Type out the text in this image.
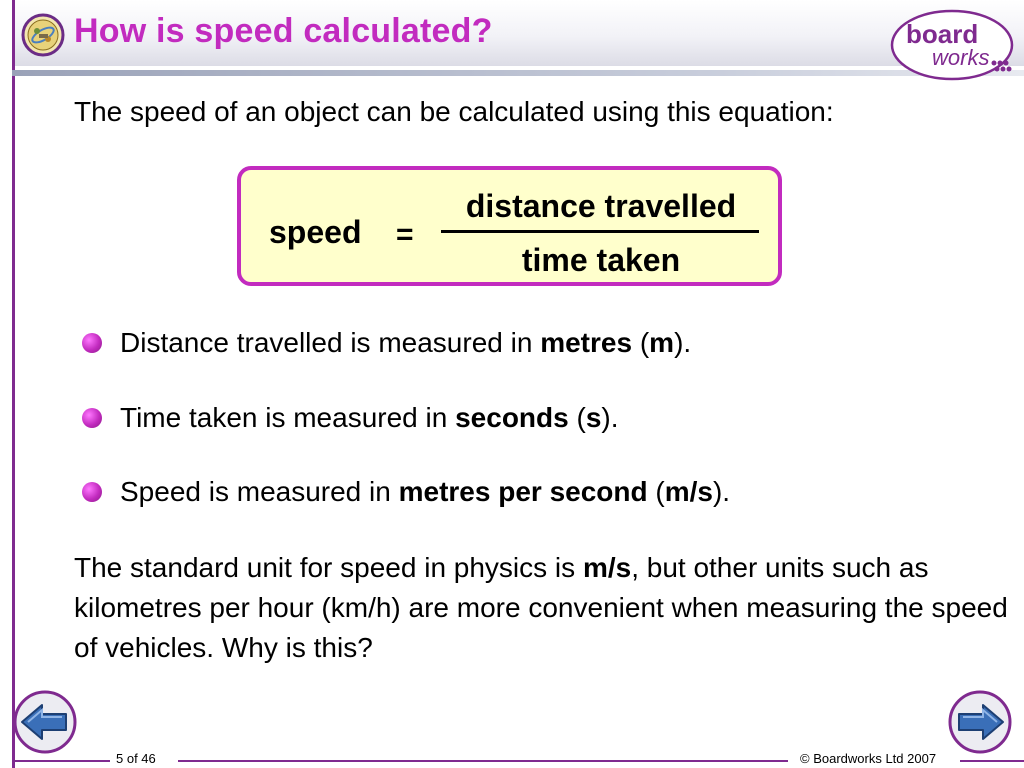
How is speed calculated?	board
works

The speed of an object can be calculated using this equation:

speed =
distance travelled
time taken
Distance travelled is measured in metres (m).
Time taken is measured in seconds (s).
Speed is measured in metres per second (m/s).

The standard unit for speed in physics is m/s, but other units such as kilometres per hour (km/h) are more convenient when measuring the speed of vehicles. Why is this?

5 of 46	© Boardworks Ltd 2007
